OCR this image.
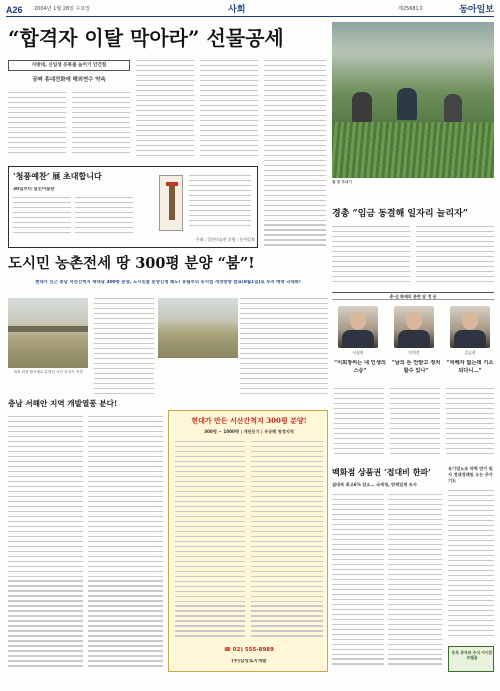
A26 2004년 1월 28일 수요일	사회	제25681호	동아일보
“합격자 이탈 막아라” 선물공세
지방대, 신입생 등록률 높이기 안간힘
공짜 휴대전화에 해외연수 약속
봄 첫 모내기
경총 “임금 동결해 일자리 늘리자”
‘청풍예찬’ 展 초대합니다
30일부터 일민미술관
주최 : 일민미술관 후원 : 동아일보
도시민 농촌전세 땅 300평 분양 “붐”!
현대가 인근 충남 서산간척지 세대당 300평 분양, 도시민들 분양신청 쇄도! 농림부의 농지법 개정방향 발표(8월1일)로 투자 매력 극대화!
세계 최장 방조제로 유명한 서산 간척지 전경
충남 서해안 지역 개발열풍 분다!
현대가 만든 서산간척지 300평 분양!
300평 ~ 1000평 | 개인등기 | 무공해 청정지역
☎ 02) 555-8989
(주)삼성토지개발
총·선 화제의 관련 담 정 옹
서청원	안희정	김금현
“이회창씨는 내 인생의 스승”
“남의 돈 안받고 정치할수 있나”
“피해자 없는데 기소되다니…”
백화점 상품권 ‘접대비 한파’
설대목 최고6% 감소… 국세청, 탄력있게 조사
유기업노조 약력 반기 원사 정대정레원 오는 주가기도
동포 종자와 주식 아이콘모텔올
